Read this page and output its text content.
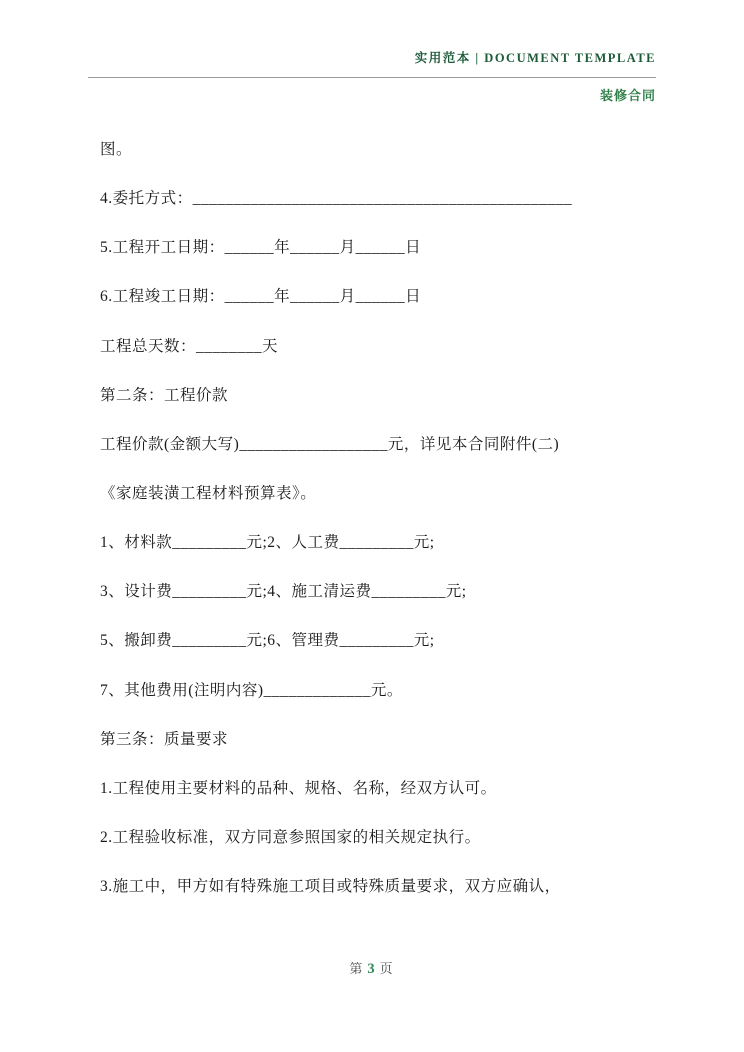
实用范本 | DOCUMENT TEMPLATE
装修合同

图。

4.委托方式：______________________________________________

5.工程开工日期：______年______月______日

6.工程竣工日期：______年______月______日

工程总天数：________天

第二条：工程价款

工程价款(金额大写)__________________元，详见本合同附件(二)

《家庭装潢工程材料预算表》。

1、材料款_________元;2、人工费_________元;

3、设计费_________元;4、施工清运费_________元;

5、搬卸费_________元;6、管理费_________元;

7、其他费用(注明内容)_____________元。

第三条：质量要求

1.工程使用主要材料的品种、规格、名称，经双方认可。

2.工程验收标准，双方同意参照国家的相关规定执行。

3.施工中，甲方如有特殊施工项目或特殊质量要求，双方应确认，

第 3 页
